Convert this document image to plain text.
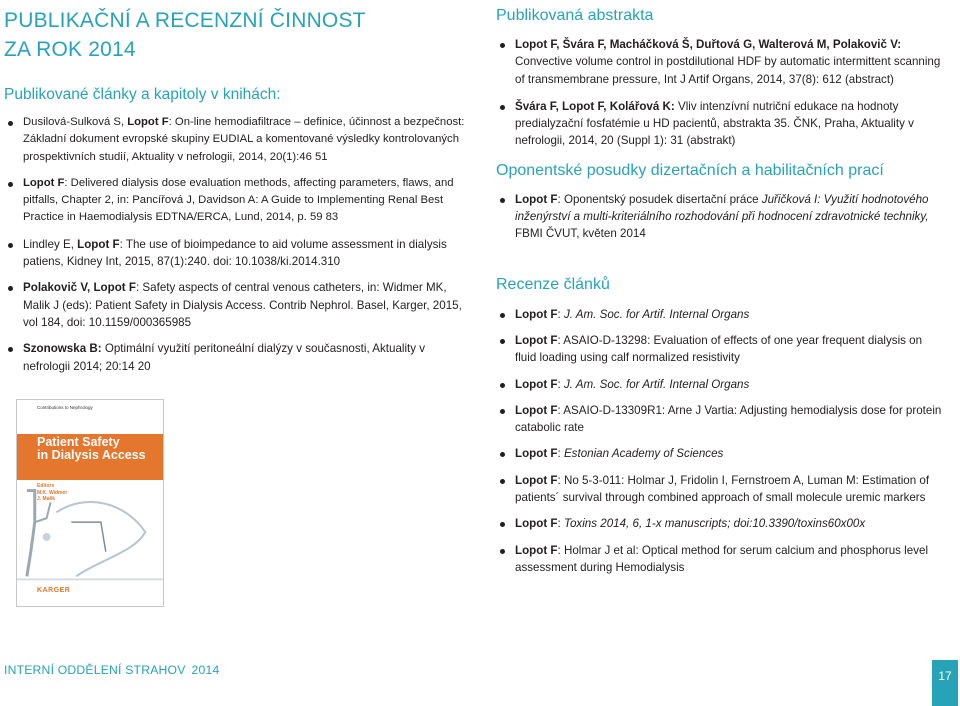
PUBLIKAČNÍ A RECENZNÍ ČINNOST
ZA ROK 2014
Publikované články a kapitoly v knihách:
Dusilová-Sulková S, Lopot F: On-line hemodiafiltrace – definice, účinnost a bezpečnost: Základní dokument evropské skupiny EUDIAL a komentované výsledky kontrolovaných prospektivních studií, Aktuality v nefrologii, 2014, 20(1):46 51
Lopot F: Delivered dialysis dose evaluation methods, affecting parameters, flaws, and pitfalls, Chapter 2, in: Pancířová J, Davidson A: A Guide to Implementing Renal Best Practice in Haemodialysis EDTNA/ERCA, Lund, 2014, p. 59 83
Lindley E, Lopot F: The use of bioimpedance to aid volume assessment in dialysis patiens, Kidney Int, 2015, 87(1):240. doi: 10.1038/ki.2014.310
Polakovič V, Lopot F: Safety aspects of central venous catheters, in: Widmer MK, Malik J (eds): Patient Safety in Dialysis Access. Contrib Nephrol. Basel, Karger, 2015, vol 184, doi: 10.1159/000365985
Szonowska B: Optimální využití peritoneální dialýzy v současnosti, Aktuality v nefrologii 2014; 20:14 20
Contributions to Nephrology
Patient Safety
in Dialysis Access
Editors
M.K. Widmer
J. Malik
KARGER
Publikovaná abstrakta
Lopot F, Švára F, Macháčková Š, Duřtová G, Walterová M, Polakovič V: Convective volume control in postdilutional HDF by automatic intermittent scanning of transmembrane pressure, Int J Artif Organs, 2014, 37(8): 612 (abstract)
Švára F, Lopot F, Kolářová K: Vliv intenzívní nutriční edukace na hodnoty predialyzační fosfatémie u HD pacientů, abstrakta 35. ČNK, Praha, Aktuality v nefrologii, 2014, 20 (Suppl 1): 31 (abstrakt)
Oponentské posudky dizertačních a habilitačních prací
Lopot F: Oponentský posudek disertační práce Juřičková I: Využití hodnotového inženýrství a multi-kriteriálního rozhodování při hodnocení zdravotnické techniky, FBMI ČVUT, květen 2014
Recenze článků
Lopot F: J. Am. Soc. for Artif. Internal Organs
Lopot F: ASAIO-D-13298: Evaluation of effects of one year frequent dialysis on fluid loading using calf normalized resistivity
Lopot F: J. Am. Soc. for Artif. Internal Organs
Lopot F: ASAIO-D-13309R1: Arne J Vartia: Adjusting hemodialysis dose for protein catabolic rate
Lopot F: Estonian Academy of Sciences
Lopot F: No 5-3-011: Holmar J, Fridolin I, Fernstroem A, Luman M: Estimation of patients´ survival through combined approach of small molecule uremic markers
Lopot F: Toxins 2014, 6, 1-x manuscripts; doi:10.3390/toxins60x00x
Lopot F: Holmar J et al: Optical method for serum calcium and phosphorus level assessment during Hemodialysis
INTERNÍ ODDĚLENÍ STRAHOV 2014	17
